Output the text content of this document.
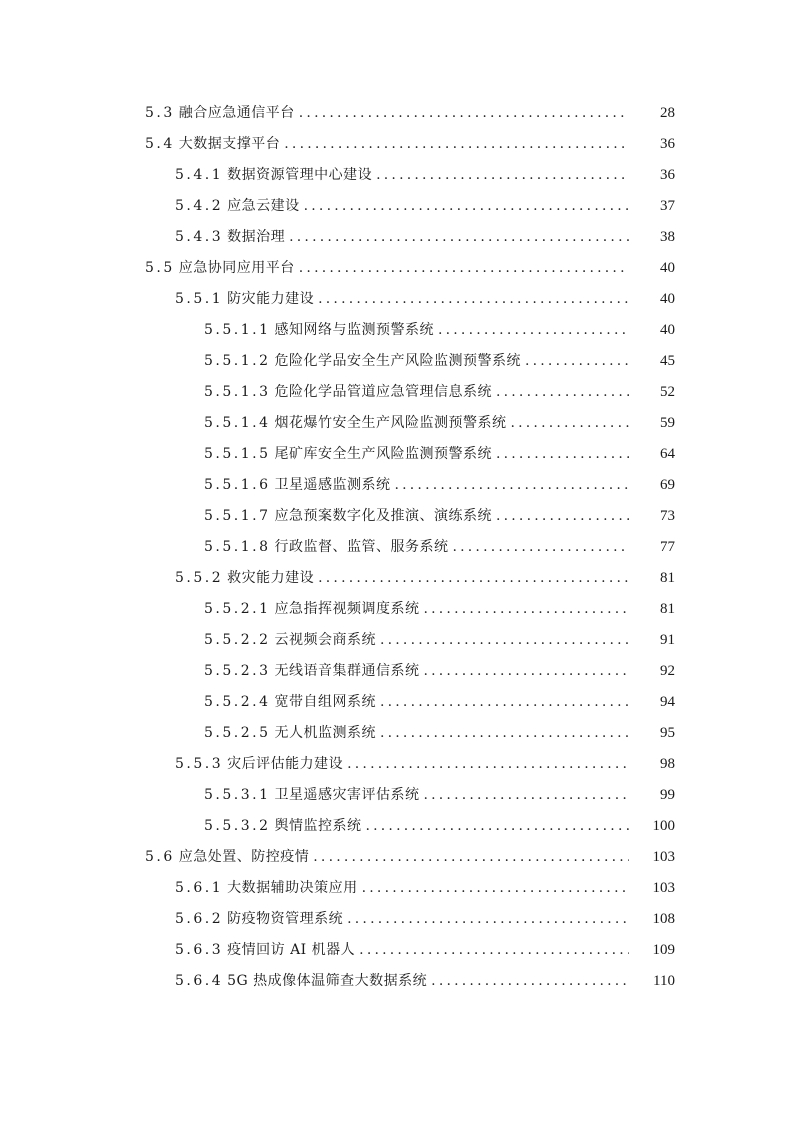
5.3 融合应急通信平台 .....	28
5.4 大数据支撑平台 .....	36
5.4.1 数据资源管理中心建设 .....	36
5.4.2 应急云建设 .....	37
5.4.3 数据治理 .....	38
5.5 应急协同应用平台 .....	40
5.5.1 防灾能力建设 .....	40
5.5.1.1 感知网络与监测预警系统 .....	40
5.5.1.2 危险化学品安全生产风险监测预警系统 .....	45
5.5.1.3 危险化学品管道应急管理信息系统 .....	52
5.5.1.4 烟花爆竹安全生产风险监测预警系统 .....	59
5.5.1.5 尾矿库安全生产风险监测预警系统 .....	64
5.5.1.6 卫星遥感监测系统 .....	69
5.5.1.7 应急预案数字化及推演、演练系统 .....	73
5.5.1.8 行政监督、监管、服务系统 .....	77
5.5.2 救灾能力建设 .....	81
5.5.2.1 应急指挥视频调度系统 .....	81
5.5.2.2 云视频会商系统 .....	91
5.5.2.3 无线语音集群通信系统 .....	92
5.5.2.4 宽带自组网系统 .....	94
5.5.2.5 无人机监测系统 .....	95
5.5.3 灾后评估能力建设 .....	98
5.5.3.1 卫星遥感灾害评估系统 .....	99
5.5.3.2 舆情监控系统 .....	100
5.6 应急处置、防控疫情 .....	103
5.6.1 大数据辅助决策应用 .....	103
5.6.2 防疫物资管理系统 .....	108
5.6.3 疫情回访 AI 机器人 .....	109
5.6.4 5G 热成像体温筛查大数据系统 .....	110
